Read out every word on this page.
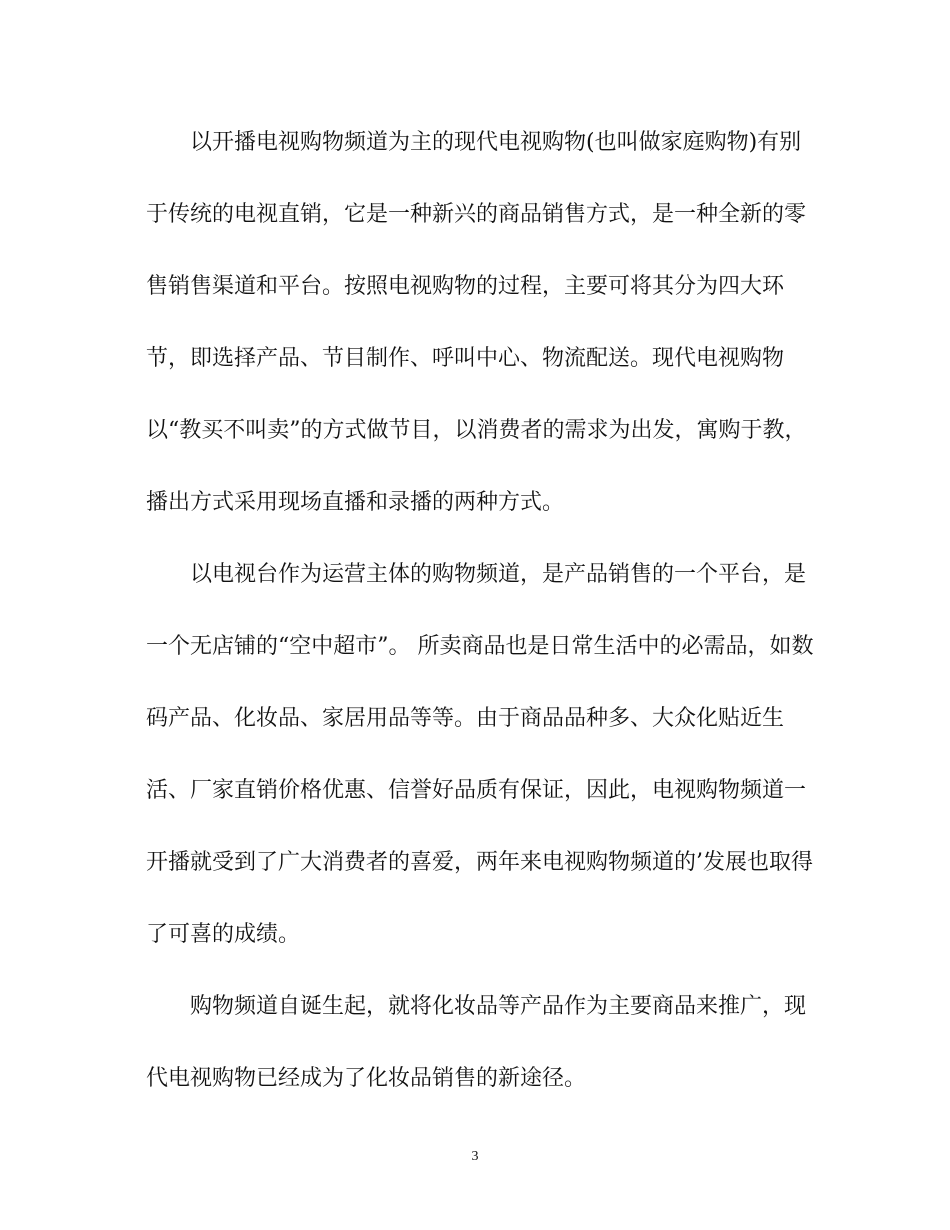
以开播电视购物频道为主的现代电视购物(也叫做家庭购物)有别
于传统的电视直销，它是一种新兴的商品销售方式，是一种全新的零
售销售渠道和平台。按照电视购物的过程，主要可将其分为四大环
节，即选择产品、节目制作、呼叫中心、物流配送。现代电视购物
以“教买不叫卖”的方式做节目，以消费者的需求为出发，寓购于教，
播出方式采用现场直播和录播的两种方式。
以电视台作为运营主体的购物频道，是产品销售的一个平台，是
一个无店铺的“空中超市”。 所卖商品也是日常生活中的必需品，如数
码产品、化妆品、家居用品等等。由于商品品种多、大众化贴近生
活、厂家直销价格优惠、信誉好品质有保证，因此，电视购物频道一
开播就受到了广大消费者的喜爱，两年来电视购物频道的’发展也取得
了可喜的成绩。
购物频道自诞生起，就将化妆品等产品作为主要商品来推广，现
代电视购物已经成为了化妆品销售的新途径。
3
